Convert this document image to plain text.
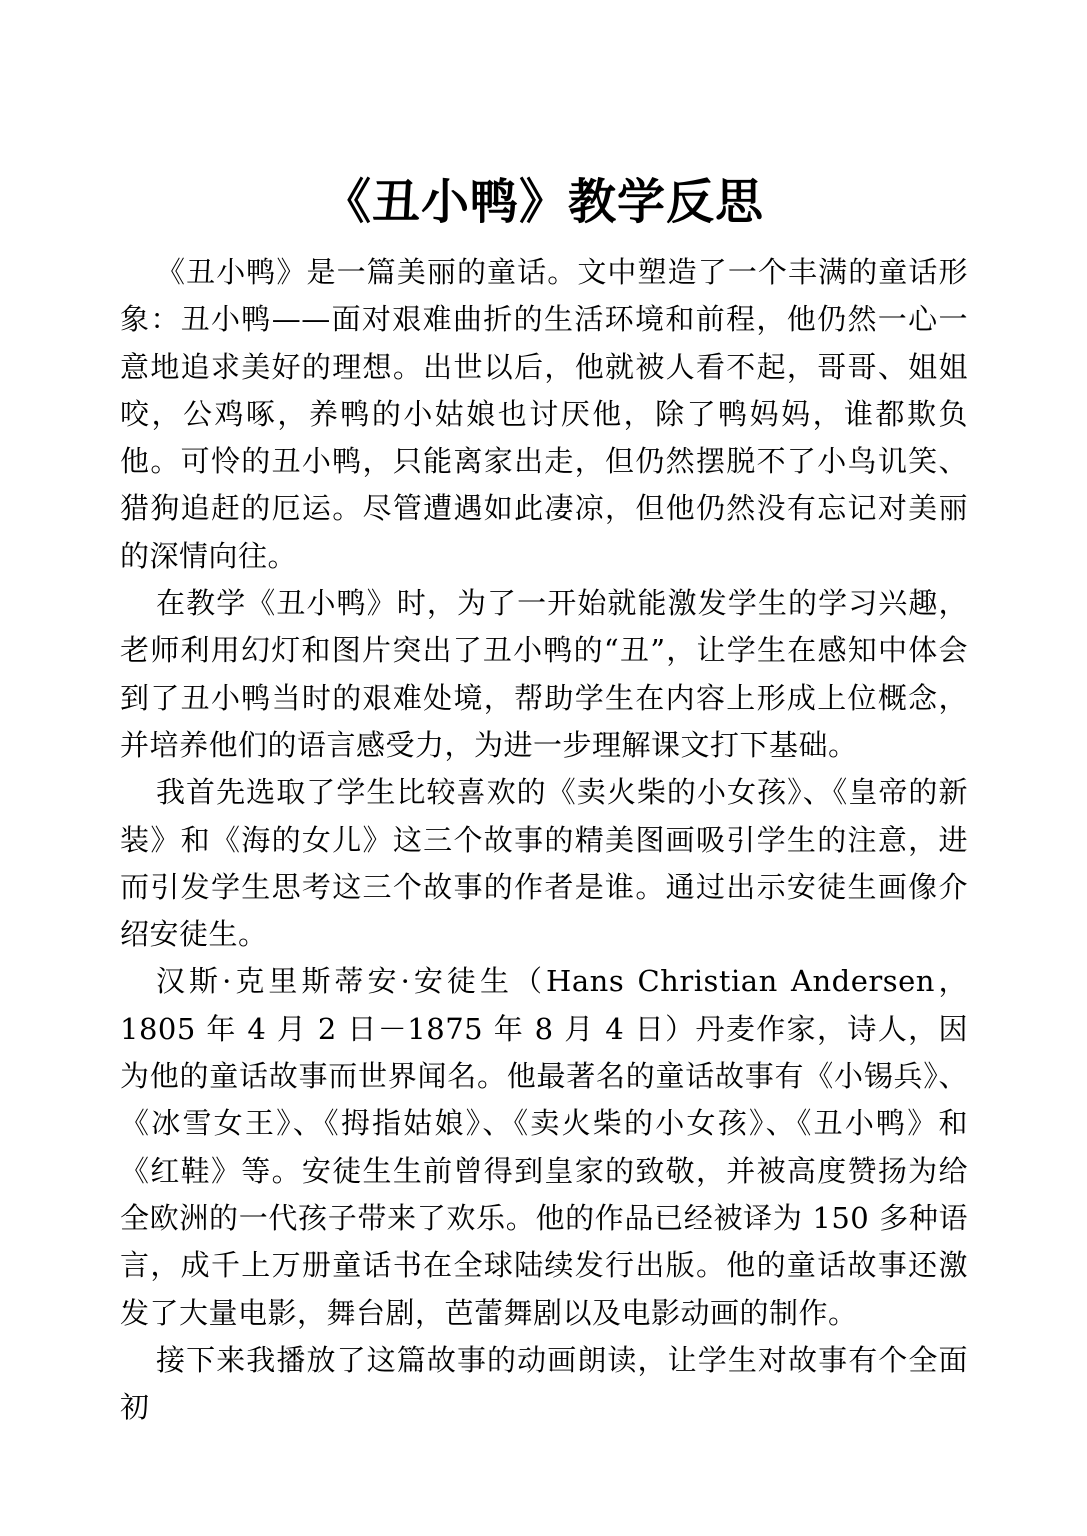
《丑小鸭》教学反思

《丑小鸭》是一篇美丽的童话。文中塑造了一个丰满的童话形象：丑小鸭——面对艰难曲折的生活环境和前程，他仍然一心一意地追求美好的理想。出世以后，他就被人看不起，哥哥、姐姐咬，公鸡啄，养鸭的小姑娘也讨厌他，除了鸭妈妈，谁都欺负他。可怜的丑小鸭，只能离家出走，但仍然摆脱不了小鸟讥笑、猎狗追赶的厄运。尽管遭遇如此凄凉，但他仍然没有忘记对美丽的深情向往。

在教学《丑小鸭》时，为了一开始就能激发学生的学习兴趣，老师利用幻灯和图片突出了丑小鸭的“丑”，让学生在感知中体会到了丑小鸭当时的艰难处境，帮助学生在内容上形成上位概念，并培养他们的语言感受力，为进一步理解课文打下基础。

我首先选取了学生比较喜欢的《卖火柴的小女孩》、《皇帝的新装》和《海的女儿》这三个故事的精美图画吸引学生的注意，进而引发学生思考这三个故事的作者是谁。通过出示安徒生画像介绍安徒生。

汉斯·克里斯蒂安·安徒生（Hans Christian Andersen，1805 年 4 月 2 日－1875 年 8 月 4 日）丹麦作家，诗人，因为他的童话故事而世界闻名。他最著名的童话故事有《小锡兵》、《冰雪女王》、《拇指姑娘》、《卖火柴的小女孩》、《丑小鸭》和《红鞋》等。安徒生生前曾得到皇家的致敬，并被高度赞扬为给全欧洲的一代孩子带来了欢乐。他的作品已经被译为 150 多种语言，成千上万册童话书在全球陆续发行出版。他的童话故事还激发了大量电影，舞台剧，芭蕾舞剧以及电影动画的制作。

接下来我播放了这篇故事的动画朗读，让学生对故事有个全面初
